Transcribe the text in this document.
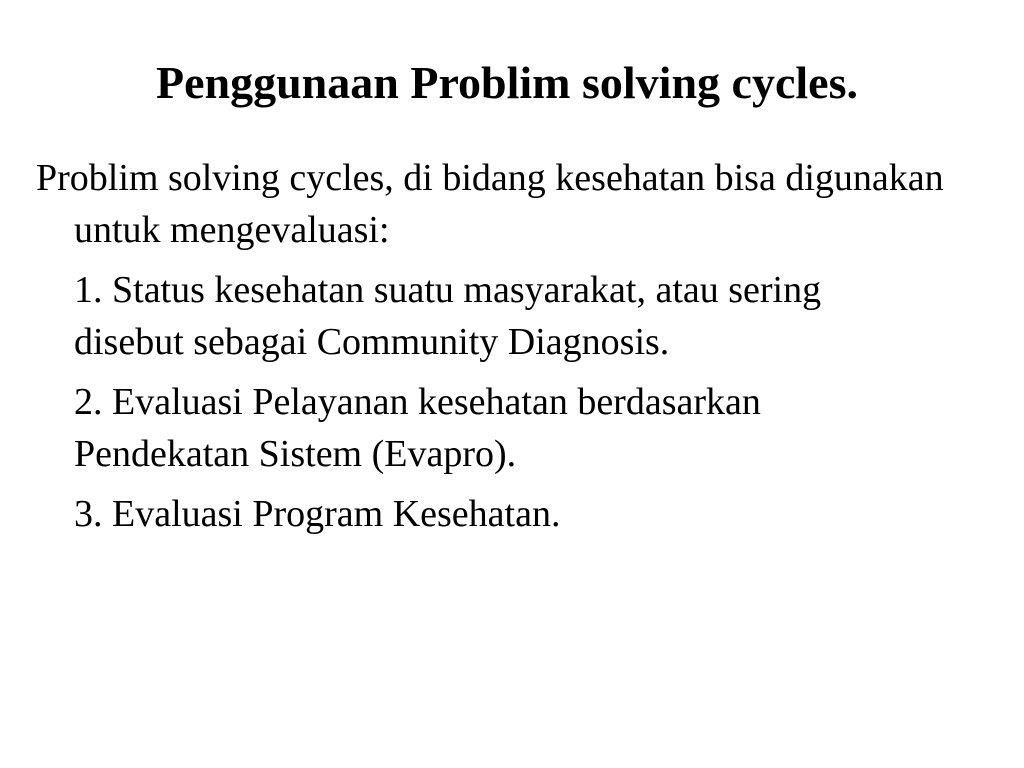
Penggunaan Problim solving cycles.

Problim solving cycles, di bidang kesehatan bisa digunakan untuk mengevaluasi:

1. Status kesehatan suatu masyarakat, atau sering
disebut sebagai Community Diagnosis.
2. Evaluasi Pelayanan kesehatan berdasarkan
Pendekatan Sistem (Evapro).
3. Evaluasi Program Kesehatan.
